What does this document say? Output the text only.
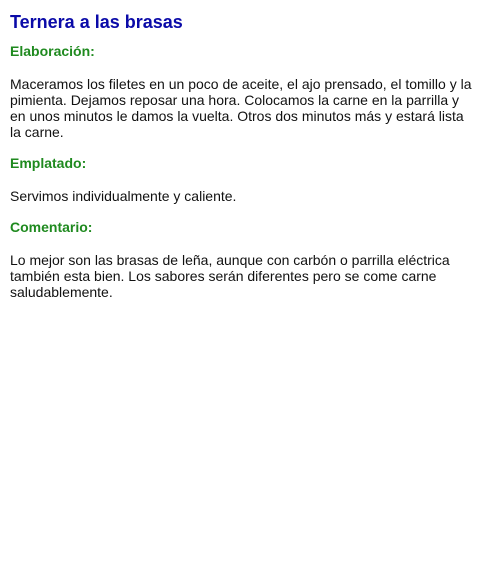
Ternera a las brasas
Elaboración:

Maceramos los filetes en un poco de aceite, el ajo prensado, el tomillo y la pimienta. Dejamos reposar una hora. Colocamos la carne en la parrilla y en unos minutos le damos la vuelta. Otros dos minutos más y estará lista la carne.

Emplatado:

Servimos individualmente y caliente.

Comentario:

Lo mejor son las brasas de leña, aunque con carbón o parrilla eléctrica también esta bien. Los sabores serán diferentes pero se come carne saludablemente.
